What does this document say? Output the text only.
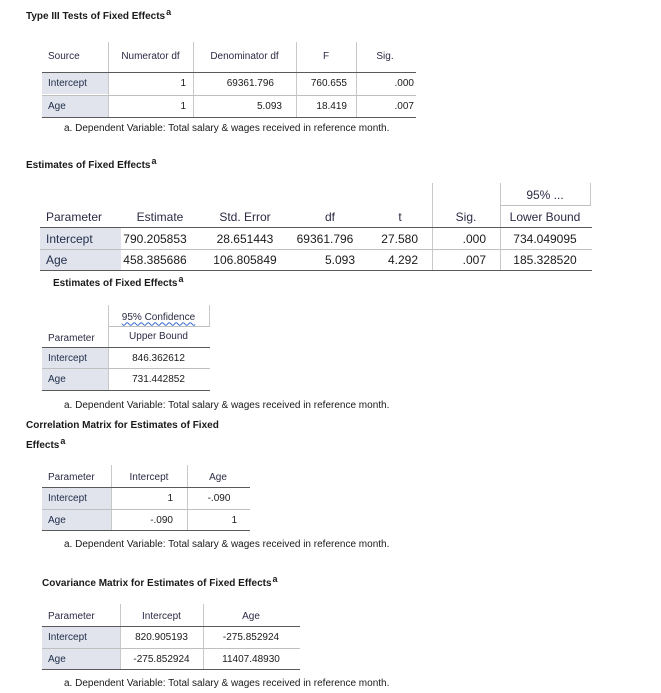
Type III Tests of Fixed Effects$^a$
Source	Numerator df	Denominator df	F	Sig.
Intercept	1	69361.796	760.655	.000
Age	1	5.093	18.419	.007
a. Dependent Variable: Total salary & wages received in reference month.
Estimates of Fixed Effects$^a$
95% ...
Parameter	Estimate	Std. Error	df	t	Sig.	Lower Bound
Intercept	790.205853	28.651443	69361.796	27.580	.000	734.049095
Age	458.385686	106.805849	5.093	4.292	.007	185.328520
Estimates of Fixed Effects$^a$
95% Confidence
Parameter	Upper Bound
Intercept	846.362612
Age	731.442852
a. Dependent Variable: Total salary & wages received in reference month.
Correlation Matrix for Estimates of Fixed
Effects$^a$
Parameter	Intercept	Age
Intercept	1	-.090
Age	-.090	1
a. Dependent Variable: Total salary & wages received in reference month.
Covariance Matrix for Estimates of Fixed Effects$^a$
Parameter	Intercept	Age
Intercept	820.905193	-275.852924
Age	-275.852924	11407.48930
a. Dependent Variable: Total salary & wages received in reference month.
